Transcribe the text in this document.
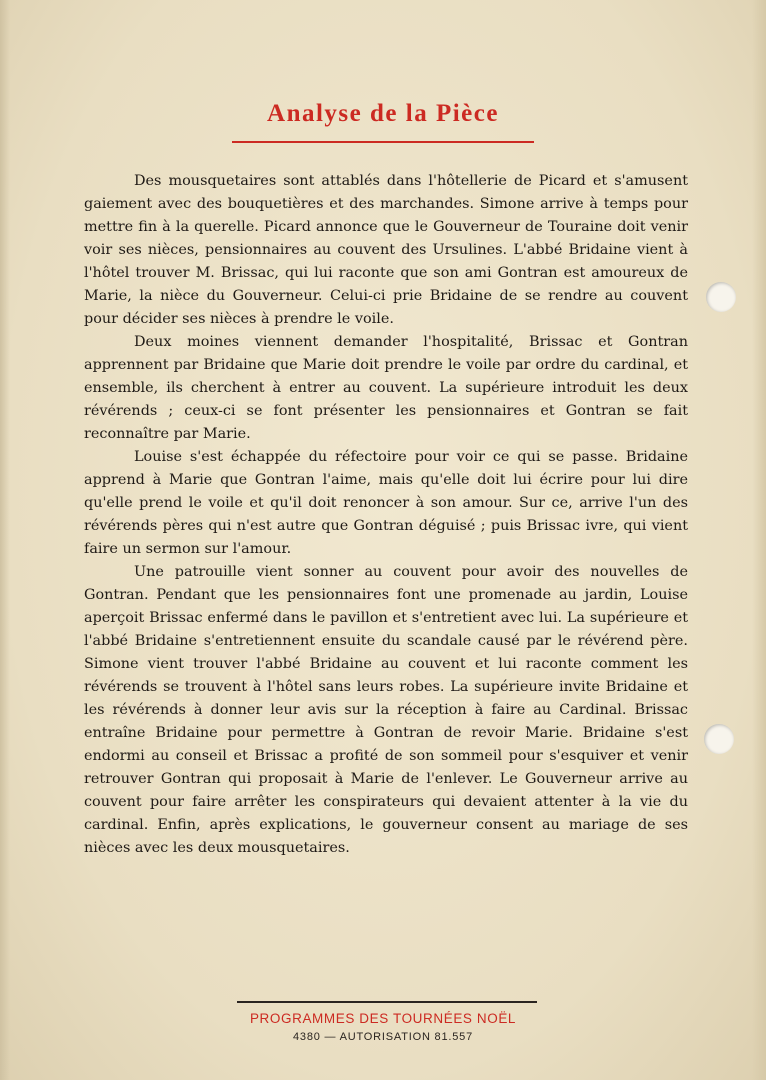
Analyse de la Pièce

Des mousquetaires sont attablés dans l'hôtellerie de Picard et s'amusent gaiement avec des bouquetières et des marchandes. Simone arrive à temps pour mettre fin à la querelle. Picard annonce que le Gouverneur de Touraine doit venir voir ses nièces, pensionnaires au couvent des Ursulines. L'abbé Bridaine vient à l'hôtel trouver M. Brissac, qui lui raconte que son ami Gontran est amoureux de Marie, la nièce du Gouverneur. Celui-ci prie Bridaine de se rendre au couvent pour décider ses nièces à prendre le voile.

Deux moines viennent demander l'hospitalité, Brissac et Gontran apprennent par Bridaine que Marie doit prendre le voile par ordre du cardinal, et ensemble, ils cherchent à entrer au couvent. La supérieure introduit les deux révérends ; ceux-ci se font présenter les pensionnaires et Gontran se fait reconnaître par Marie.

Louise s'est échappée du réfectoire pour voir ce qui se passe. Bridaine apprend à Marie que Gontran l'aime, mais qu'elle doit lui écrire pour lui dire qu'elle prend le voile et qu'il doit renoncer à son amour. Sur ce, arrive l'un des révérends pères qui n'est autre que Gontran déguisé ; puis Brissac ivre, qui vient faire un sermon sur l'amour.

Une patrouille vient sonner au couvent pour avoir des nouvelles de Gontran. Pendant que les pensionnaires font une promenade au jardin, Louise aperçoit Brissac enfermé dans le pavillon et s'entretient avec lui. La supérieure et l'abbé Bridaine s'entretiennent ensuite du scandale causé par le révérend père. Simone vient trouver l'abbé Bridaine au couvent et lui raconte comment les révérends se trouvent à l'hôtel sans leurs robes. La supérieure invite Bridaine et les révérends à donner leur avis sur la réception à faire au Cardinal. Brissac entraîne Bridaine pour permettre à Gontran de revoir Marie. Bridaine s'est endormi au conseil et Brissac a profité de son sommeil pour s'esquiver et venir retrouver Gontran qui proposait à Marie de l'enlever. Le Gouverneur arrive au couvent pour faire arrêter les conspirateurs qui devaient attenter à la vie du cardinal. Enfin, après explications, le gouverneur consent au mariage de ses nièces avec les deux mousquetaires.

PROGRAMMES DES TOURNÉES NOËL
4380 — AUTORISATION 81.557
